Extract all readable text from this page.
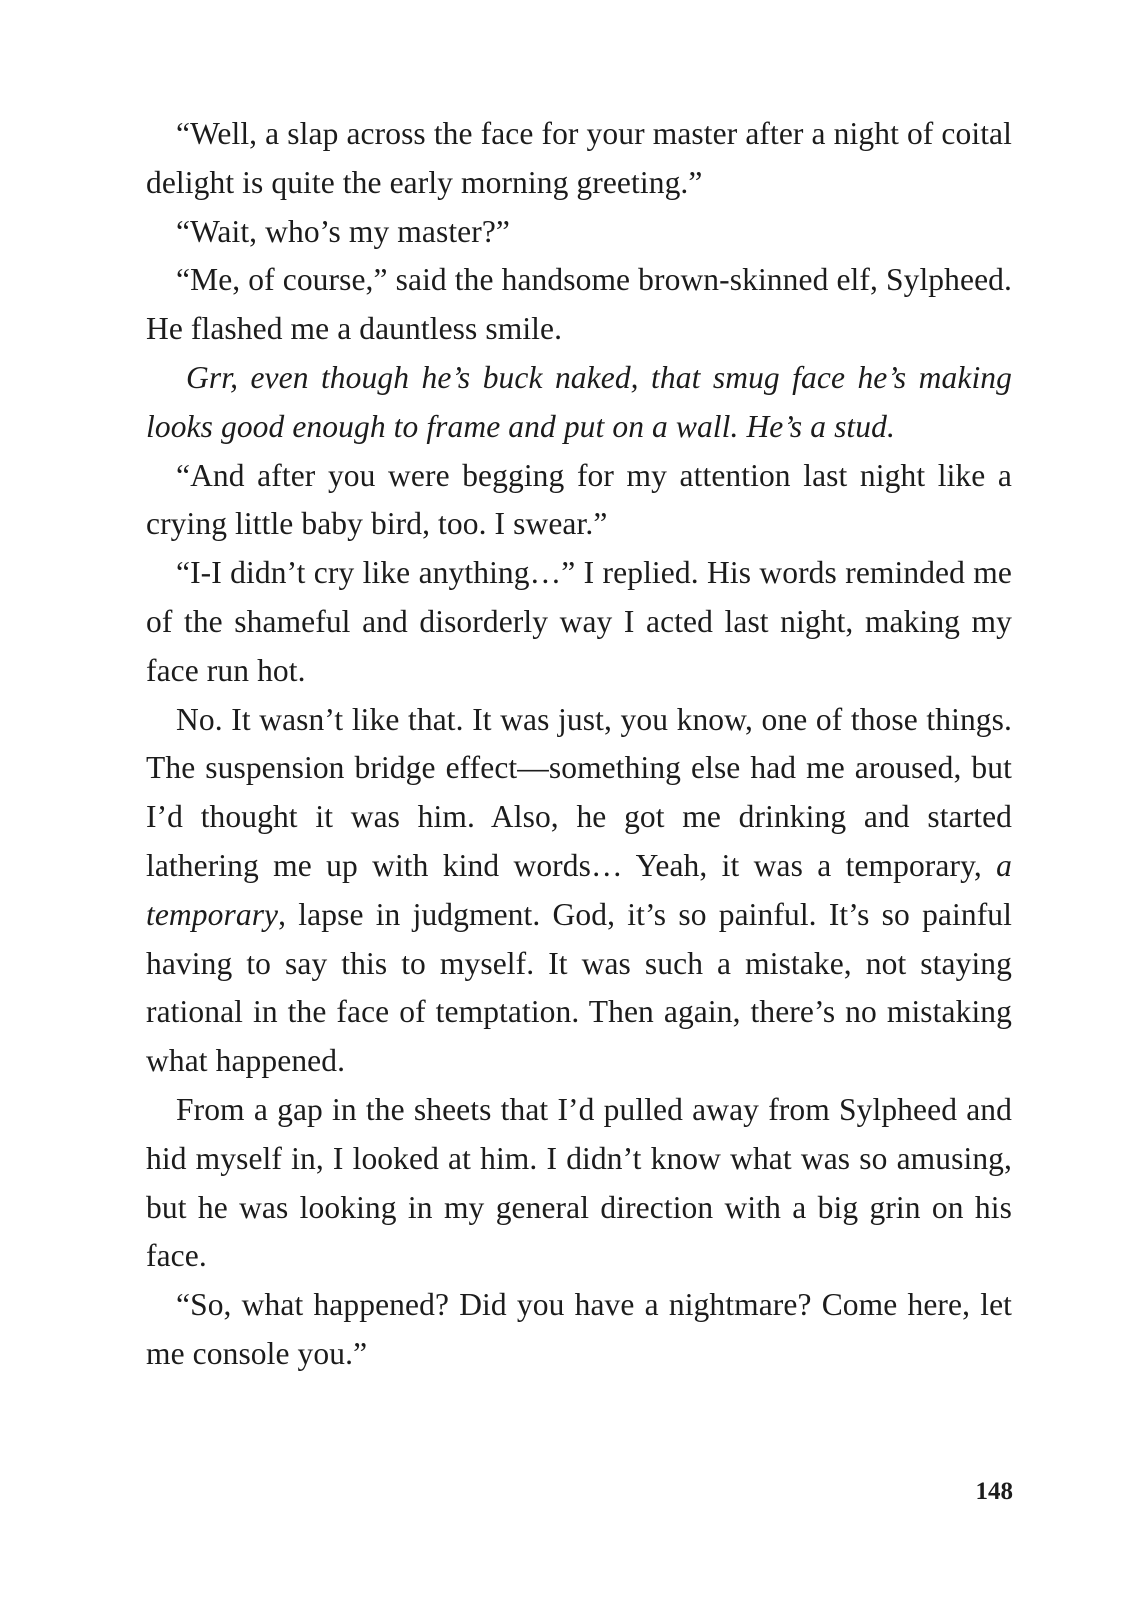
“Well, a slap across the face for your master after a night of coital delight is quite the early morning greeting.”

“Wait, who’s my master?”

“Me, of course,” said the handsome brown-skinned elf, Sylpheed. He flashed me a dauntless smile.

Grr, even though he’s buck naked, that smug face he’s making looks good enough to frame and put on a wall. He’s a stud.

“And after you were begging for my attention last night like a crying little baby bird, too. I swear.”

“I-I didn’t cry like anything…” I replied. His words reminded me of the shameful and disorderly way I acted last night, making my face run hot.

No. It wasn’t like that. It was just, you know, one of those things. The suspension bridge effect—something else had me aroused, but I’d thought it was him. Also, he got me drinking and started lathering me up with kind words… Yeah, it was a temporary, a temporary, lapse in judgment. God, it’s so painful. It’s so painful having to say this to myself. It was such a mistake, not staying rational in the face of temptation. Then again, there’s no mistaking what happened.

From a gap in the sheets that I’d pulled away from Sylpheed and hid myself in, I looked at him. I didn’t know what was so amusing, but he was looking in my general direction with a big grin on his face.

“So, what happened? Did you have a nightmare? Come here, let me console you.”

148
